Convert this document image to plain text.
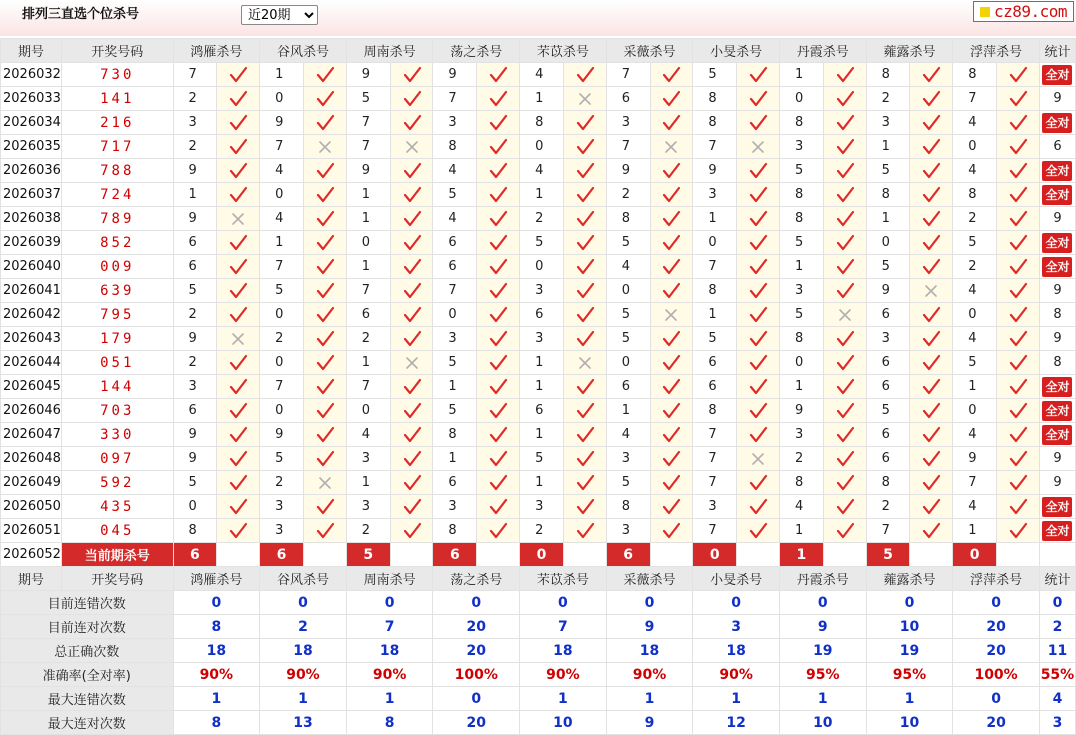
排列三直选个位杀号
近20期	cz89.com
期号	开奖号码	鸿雁杀号		谷风杀号		周南杀号		荡之杀号		芣苡杀号		采薇杀号		小旻杀号		丹霞杀号		蕹露杀号		浮萍杀号		统计
2026032	730	7		1		9		9		4		7		5		1		8		8		全对
2026033	141	2		0		5		7		1		6		8		0		2		7		9
2026034	216	3		9		7		3		8		3		8		8		3		4		全对
2026035	717	2		7		7		8		0		7		7		3		1		0		6
2026036	788	9		4		9		4		4		9		9		5		5		4		全对
2026037	724	1		0		1		5		1		2		3		8		8		8		全对
2026038	789	9		4		1		4		2		8		1		8		1		2		9
2026039	852	6		1		0		6		5		5		0		5		0		5		全对
2026040	009	6		7		1		6		0		4		7		1		5		2		全对
2026041	639	5		5		7		7		3		0		8		3		9		4		9
2026042	795	2		0		6		0		6		5		1		5		6		0		8
2026043	179	9		2		2		3		3		5		5		8		3		4		9
2026044	051	2		0		1		5		1		0		6		0		6		5		8
2026045	144	3		7		7		1		1		6		6		1		6		1		全对
2026046	703	6		0		0		5		6		1		8		9		5		0		全对
2026047	330	9		9		4		8		1		4		7		3		6		4		全对
2026048	097	9		5		3		1		5		3		7		2		6		9		9
2026049	592	5		2		1		6		1		5		7		8		8		7		9
2026050	435	0		3		3		3		3		8		3		4		2		4		全对
2026051	045	8		3		2		8		2		3		7		1		7		1		全对
2026052	当前期杀号	6		6		5		6		0		6		0		1		5		0		
期号	开奖号码	鸿雁杀号		谷风杀号		周南杀号		荡之杀号		芣苡杀号		采薇杀号		小旻杀号		丹霞杀号		蕹露杀号		浮萍杀号		统计
目前连错次数		0		0		0		0		0		0		0		0		0		0		0
目前连对次数		8		2		7		20		7		9		3		9		10		20		2
总正确次数		18		18		18		20		18		18		18		19		19		20		11
准确率(全对率)		90%		90%		90%		100%		90%		90%		90%		95%		95%		100%		55%
最大连错次数		1		1		1		0		1		1		1		1		1		0		4
最大连对次数		8		13		8		20		10		9		12		10		10		20		3
